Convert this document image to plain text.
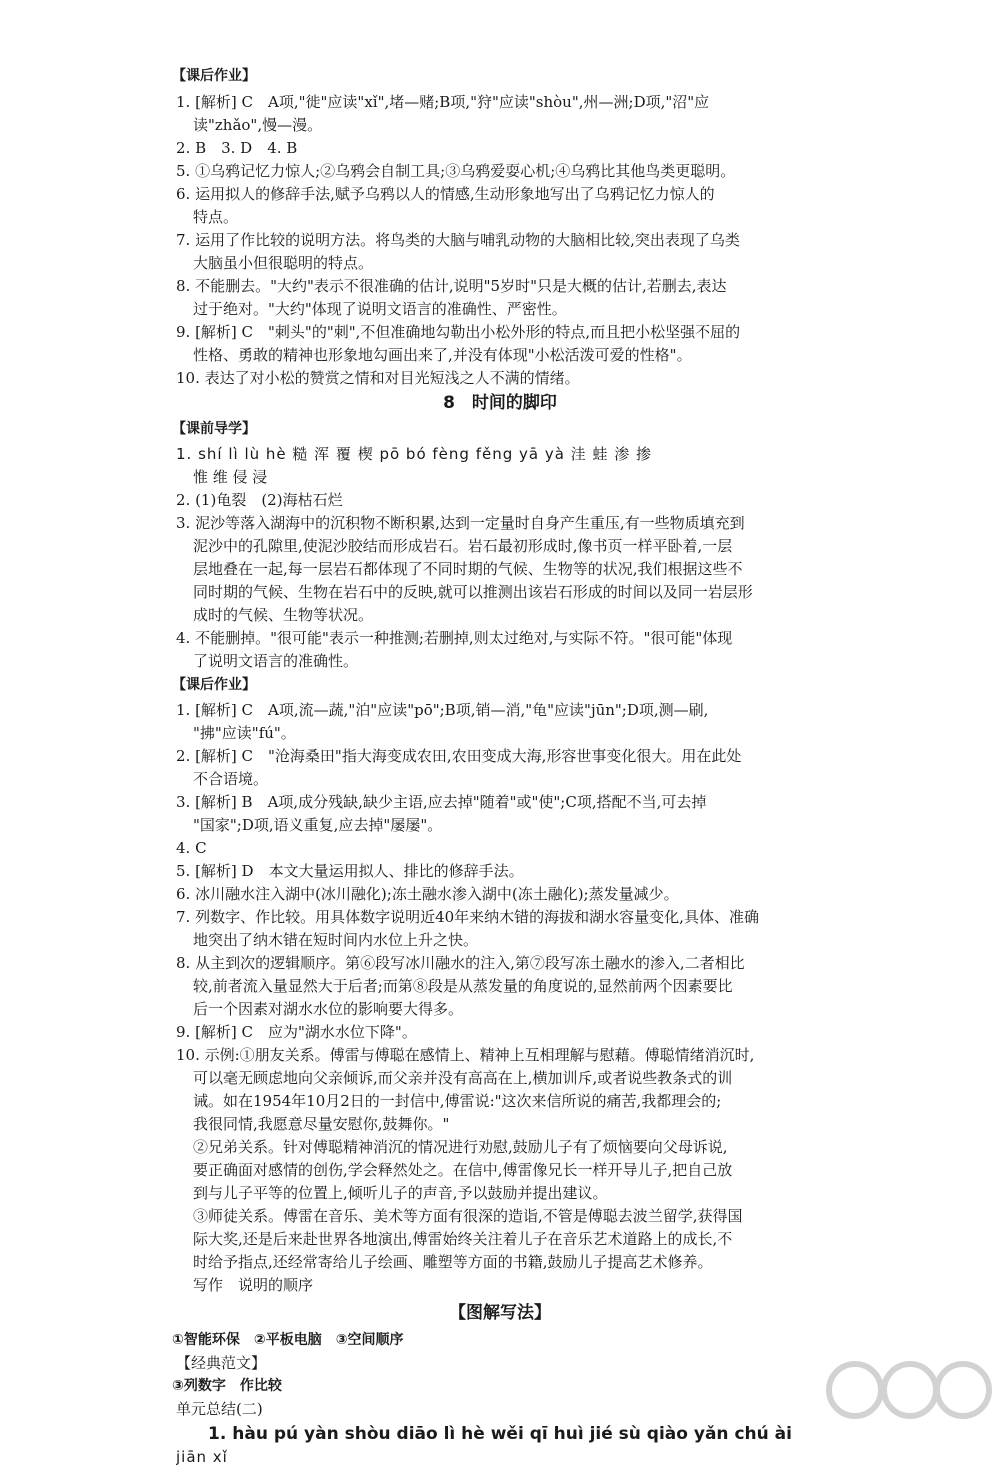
【课后作业】
1. [解析] C　A项,"徙"应读"xǐ",堵—赌;B项,"狩"应读"shòu",州—洲;D项,"沼"应
读"zhǎo",慢—漫。
2. B　3. D　4. B
5. ①乌鸦记忆力惊人;②乌鸦会自制工具;③乌鸦爱耍心机;④乌鸦比其他鸟类更聪明。
6. 运用拟人的修辞手法,赋予乌鸦以人的情感,生动形象地写出了乌鸦记忆力惊人的
特点。
7. 运用了作比较的说明方法。将鸟类的大脑与哺乳动物的大脑相比较,突出表现了乌类
大脑虽小但很聪明的特点。
8. 不能删去。"大约"表示不很准确的估计,说明"5岁时"只是大概的估计,若删去,表达
过于绝对。"大约"体现了说明文语言的准确性、严密性。
9. [解析] C　"刺头"的"刺",不但准确地勾勒出小松外形的特点,而且把小松坚强不屈的
性格、勇敢的精神也形象地勾画出来了,并没有体现"小松活泼可爱的性格"。
10. 表达了对小松的赞赏之情和对目光短浅之人不满的情绪。
8　时间的脚印
【课前导学】
1. shí lì lù hè 糙 浑 覆 楔 pō bó fèng fěng yā yà 洼 蛙 渗 掺
惟 维 侵 浸
2. (1)龟裂　(2)海枯石烂
3. 泥沙等落入湖海中的沉积物不断积累,达到一定量时自身产生重压,有一些物质填充到
泥沙中的孔隙里,使泥沙胶结而形成岩石。岩石最初形成时,像书页一样平卧着,一层
层地叠在一起,每一层岩石都体现了不同时期的气候、生物等的状况,我们根据这些不
同时期的气候、生物在岩石中的反映,就可以推测出该岩石形成的时间以及同一岩层形
成时的气候、生物等状况。
4. 不能删掉。"很可能"表示一种推测;若删掉,则太过绝对,与实际不符。"很可能"体现
了说明文语言的准确性。
【课后作业】
1. [解析] C　A项,流—蔬,"泊"应读"pō";B项,销—消,"龟"应读"jūn";D项,测—刷,
"拂"应读"fú"。
2. [解析] C　"沧海桑田"指大海变成农田,农田变成大海,形容世事变化很大。用在此处
不合语境。
3. [解析] B　A项,成分残缺,缺少主语,应去掉"随着"或"使";C项,搭配不当,可去掉
"国家";D项,语义重复,应去掉"屡屡"。
4. C
5. [解析] D　本文大量运用拟人、排比的修辞手法。
6. 冰川融水注入湖中(冰川融化);冻土融水渗入湖中(冻土融化);蒸发量减少。
7. 列数字、作比较。用具体数字说明近40年来纳木错的海拔和湖水容量变化,具体、准确
地突出了纳木错在短时间内水位上升之快。
8. 从主到次的逻辑顺序。第⑥段写冰川融水的注入,第⑦段写冻土融水的渗入,二者相比
较,前者流入量显然大于后者;而第⑧段是从蒸发量的角度说的,显然前两个因素要比
后一个因素对湖水水位的影响要大得多。
9. [解析] C　应为"湖水水位下降"。
10. 示例:①朋友关系。傅雷与傅聪在感情上、精神上互相理解与慰藉。傅聪情绪消沉时,
可以毫无顾虑地向父亲倾诉,而父亲并没有高高在上,横加训斥,或者说些教条式的训
诫。如在1954年10月2日的一封信中,傅雷说:"这次来信所说的痛苦,我都理会的;
我很同情,我愿意尽量安慰你,鼓舞你。"
②兄弟关系。针对傅聪精神消沉的情况进行劝慰,鼓励儿子有了烦恼要向父母诉说,
要正确面对感情的创伤,学会释然处之。在信中,傅雷像兄长一样开导儿子,把自己放
到与儿子平等的位置上,倾听儿子的声音,予以鼓励并提出建议。
③师徒关系。傅雷在音乐、美术等方面有很深的造诣,不管是傅聪去波兰留学,获得国
际大奖,还是后来赴世界各地演出,傅雷始终关注着儿子在音乐艺术道路上的成长,不
时给予指点,还经常寄给儿子绘画、雕塑等方面的书籍,鼓励儿子提高艺术修养。
写作　说明的顺序
【图解写法】
①智能环保　②平板电脑　③空间顺序
【经典范文】
③列数字　作比较
单元总结(二)
1. hàu pú yàn shòu diāo lì hè wěi qī huì jié sù qiào yǎn chú ài
jiān xǐ
